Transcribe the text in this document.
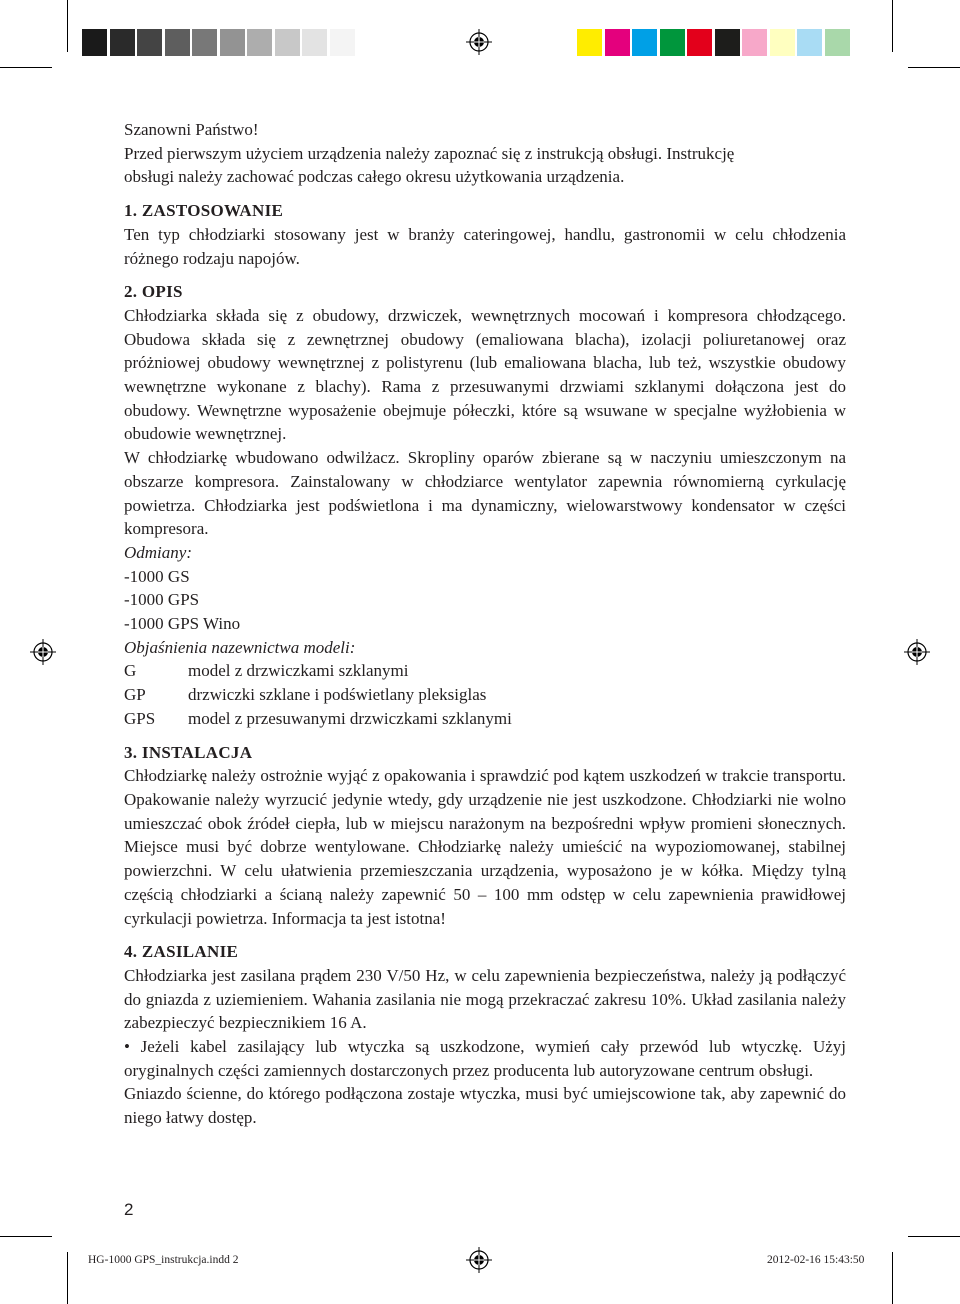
Szanowni Państwo!

Przed pierwszym użyciem urządzenia należy zapoznać się z instrukcją obsługi. Instrukcję

obsługi należy zachować podczas całego okresu użytkowania urządzenia.

1. ZASTOSOWANIE

Ten typ chłodziarki stosowany jest w branży cateringowej, handlu, gastronomii w celu chłodzenia różnego rodzaju napojów.

2. OPIS

Chłodziarka składa się z obudowy, drzwiczek, wewnętrznych mocowań i kompresora chłodzącego. Obudowa składa się z zewnętrznej obudowy (emaliowana blacha), izolacji poliuretanowej oraz próżniowej obudowy wewnętrznej z polistyrenu (lub emaliowana blacha, lub też, wszystkie obudowy wewnętrzne wykonane z blachy). Rama z przesuwanymi drzwiami szklanymi dołączona jest do obudowy. Wewnętrzne wyposażenie obejmuje półeczki, które są wsuwane w specjalne wyżłobienia w obudowie wewnętrznej.

W chłodziarkę wbudowano odwilżacz. Skropliny oparów zbierane są w naczyniu umieszczonym na obszarze kompresora. Zainstalowany w chłodziarce wentylator zapewnia równomierną cyrkulację powietrza. Chłodziarka jest podświetlona i ma dynamiczny, wielowarstwowy kondensator w części kompresora.

Odmiany:

-1000 GS

-1000 GPS

-1000 GPS Wino

Objaśnienia nazewnictwa modeli:

G	model z drzwiczkami szklanymi
GP	drzwiczki szklane i podświetlany pleksiglas
GPS	model z przesuwanymi drzwiczkami szklanymi
3. INSTALACJA

Chłodziarkę należy ostrożnie wyjąć z opakowania i sprawdzić pod kątem uszkodzeń w trakcie transportu. Opakowanie należy wyrzucić jedynie wtedy, gdy urządzenie nie jest uszkodzone. Chłodziarki nie wolno umieszczać obok źródeł ciepła, lub w miejscu narażonym na bezpośredni wpływ promieni słonecznych. Miejsce musi być dobrze wentylowane. Chłodziarkę należy umieścić na wypoziomowanej, stabilnej powierzchni. W celu ułatwienia przemieszczania urządzenia, wyposażono je w kółka. Między tylną częścią chłodziarki a ścianą należy zapewnić 50 – 100 mm odstęp w celu zapewnienia prawidłowej cyrkulacji powietrza. Informacja ta jest istotna!

4. ZASILANIE

Chłodziarka jest zasilana prądem 230 V/50 Hz, w celu zapewnienia bezpieczeństwa, należy ją podłączyć do gniazda z uziemieniem. Wahania zasilania nie mogą przekraczać zakresu 10%. Układ zasilania należy zabezpieczyć bezpiecznikiem 16 A.

• Jeżeli kabel zasilający lub wtyczka są uszkodzone, wymień cały przewód lub wtyczkę. Użyj oryginalnych części zamiennych dostarczonych przez producenta lub autoryzowane centrum obsługi.

Gniazdo ścienne, do którego podłączona zostaje wtyczka, musi być umiejscowione tak, aby zapewnić do niego łatwy dostęp.

2
HG-1000 GPS_instrukcja.indd 2	2012-02-16 15:43:50
